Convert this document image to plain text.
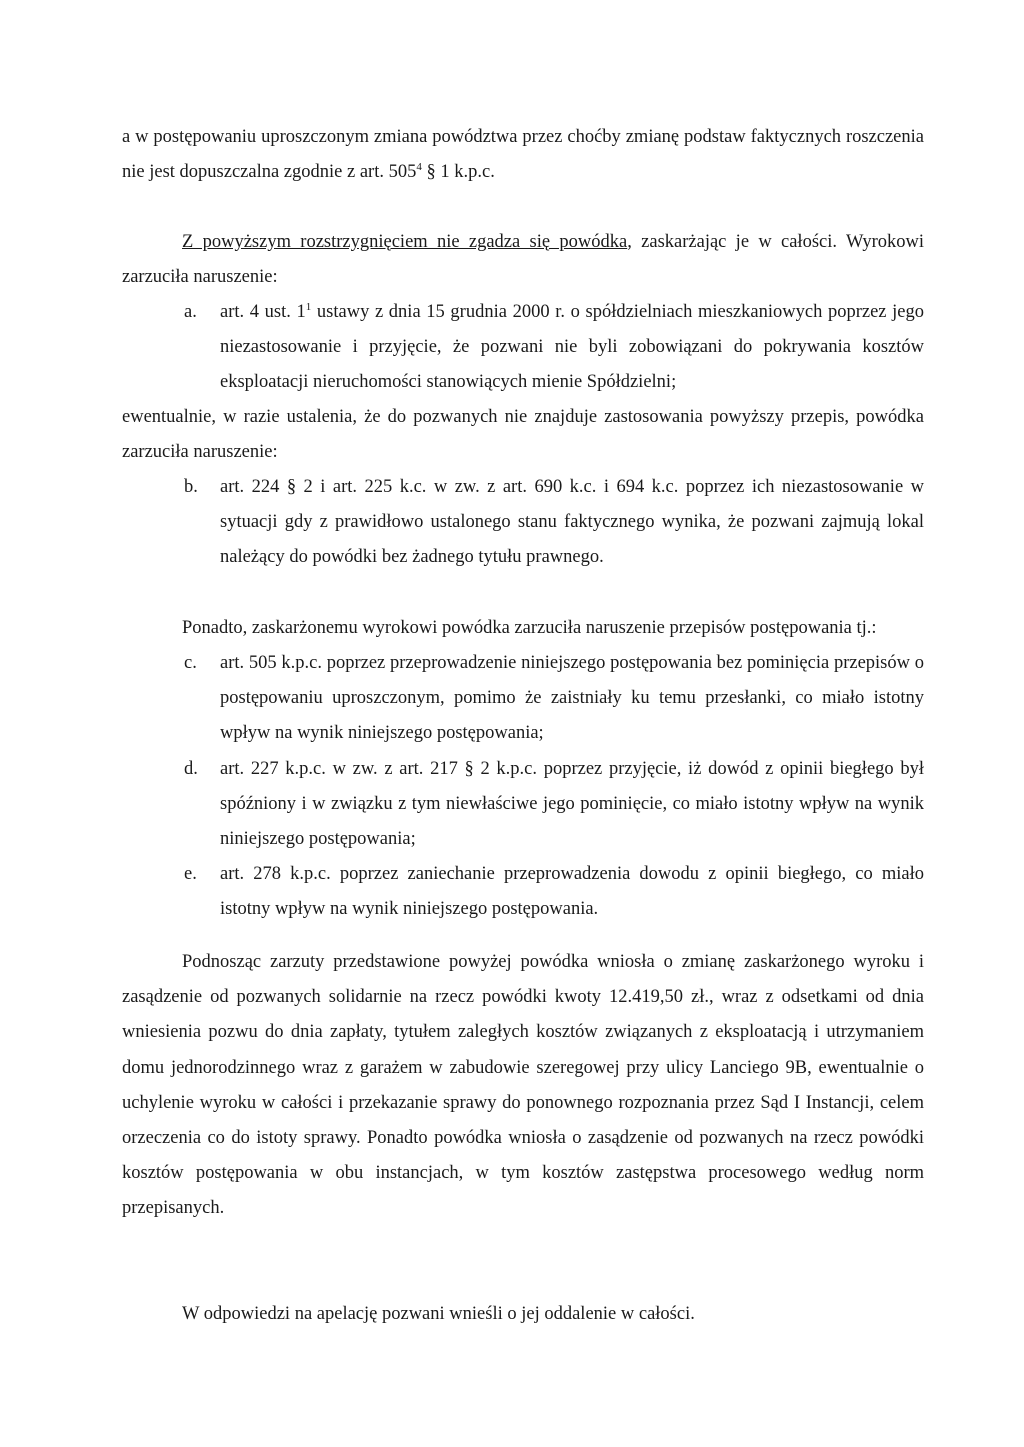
a w postępowaniu uproszczonym zmiana powództwa przez choćby zmianę podstaw faktycznych roszczenia nie jest dopuszczalna zgodnie z art. $505^4$ § 1 k.p.c.

Z powyższym rozstrzygnięciem nie zgadza się powódka, zaskarżając je w całości. Wyrokowi zarzuciła naruszenie:

a.	art. 4 ust. $1^1$ ustawy z dnia 15 grudnia 2000 r. o spółdzielniach mieszkaniowych poprzez jego niezastosowanie i przyjęcie, że pozwani nie byli zobowiązani do pokrywania kosztów eksploatacji nieruchomości stanowiących mienie Spółdzielni;

ewentualnie, w razie ustalenia, że do pozwanych nie znajduje zastosowania powyższy przepis, powódka zarzuciła naruszenie:

b.	art. 224 § 2 i art. 225 k.c. w zw. z art. 690 k.c. i 694 k.c. poprzez ich niezastosowanie w sytuacji gdy z prawidłowo ustalonego stanu faktycznego wynika, że pozwani zajmują lokal należący do powódki bez żadnego tytułu prawnego.

Ponadto, zaskarżonemu wyrokowi powódka zarzuciła naruszenie przepisów postępowania tj.:

c.	art. 505 k.p.c. poprzez przeprowadzenie niniejszego postępowania bez pominięcia przepisów o postępowaniu uproszczonym, pomimo że zaistniały ku temu przesłanki, co miało istotny wpływ na wynik niniejszego postępowania;
d.	art. 227 k.p.c. w zw. z art. 217 § 2 k.p.c. poprzez przyjęcie, iż dowód z opinii biegłego był spóźniony i w związku z tym niewłaściwe jego pominięcie, co miało istotny wpływ na wynik niniejszego postępowania;
e.	art. 278 k.p.c. poprzez zaniechanie przeprowadzenia dowodu z opinii biegłego, co miało istotny wpływ na wynik niniejszego postępowania.

Podnosząc zarzuty przedstawione powyżej powódka wniosła o zmianę zaskarżonego wyroku i zasądzenie od pozwanych solidarnie na rzecz powódki kwoty 12.419,50 zł., wraz z odsetkami od dnia wniesienia pozwu do dnia zapłaty, tytułem zaległych kosztów związanych z eksploatacją i utrzymaniem domu jednorodzinnego wraz z garażem w zabudowie szeregowej przy ulicy Lanciego 9B, ewentualnie o uchylenie wyroku w całości i przekazanie sprawy do ponownego rozpoznania przez Sąd I Instancji, celem orzeczenia co do istoty sprawy. Ponadto powódka wniosła o zasądzenie od pozwanych na rzecz powódki kosztów postępowania w obu instancjach, w tym kosztów zastępstwa procesowego według norm przepisanych.

W odpowiedzi na apelację pozwani wnieśli o jej oddalenie w całości.
